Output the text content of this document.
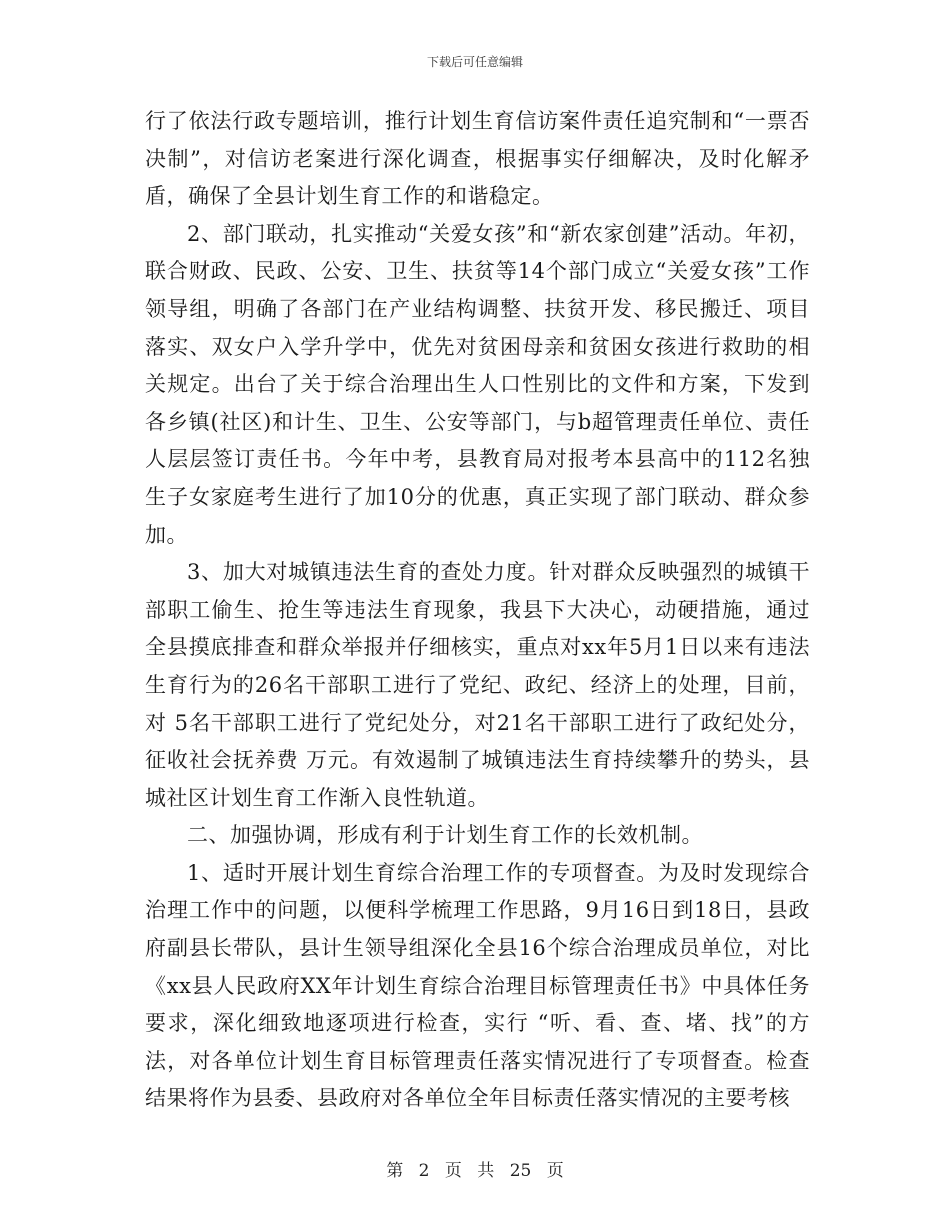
下载后可任意编辑

行了依法行政专题培训，推行计划生育信访案件责任追究制和“一票否决制”，对信访老案进行深化调查，根据事实仔细解决，及时化解矛盾，确保了全县计划生育工作的和谐稳定。

2、部门联动，扎实推动“关爱女孩”和“新农家创建”活动。年初，联合财政、民政、公安、卫生、扶贫等14个部门成立“关爱女孩”工作领导组，明确了各部门在产业结构调整、扶贫开发、移民搬迁、项目落实、双女户入学升学中，优先对贫困母亲和贫困女孩进行救助的相关规定。出台了关于综合治理出生人口性别比的文件和方案，下发到各乡镇(社区)和计生、卫生、公安等部门，与b超管理责任单位、责任人层层签订责任书。今年中考，县教育局对报考本县高中的112名独生子女家庭考生进行了加10分的优惠，真正实现了部门联动、群众参加。

3、加大对城镇违法生育的查处力度。针对群众反映强烈的城镇干部职工偷生、抢生等违法生育现象，我县下大决心，动硬措施，通过全县摸底排查和群众举报并仔细核实，重点对xx年5月1日以来有违法生育行为的26名干部职工进行了党纪、政纪、经济上的处理，目前，对 5名干部职工进行了党纪处分，对21名干部职工进行了政纪处分，征收社会抚养费 万元。有效遏制了城镇违法生育持续攀升的势头，县城社区计划生育工作渐入良性轨道。

二、加强协调，形成有利于计划生育工作的长效机制。

1、适时开展计划生育综合治理工作的专项督查。为及时发现综合治理工作中的问题，以便科学梳理工作思路，9月16日到18日，县政府副县长带队，县计生领导组深化全县16个综合治理成员单位，对比《xx县人民政府XX年计划生育综合治理目标管理责任书》中具体任务要求，深化细致地逐项进行检查，实行 “听、看、查、堵、找”的方法，对各单位计划生育目标管理责任落实情况进行了专项督查。检查结果将作为县委、县政府对各单位全年目标责任落实情况的主要考核

第 2 页 共 25 页
